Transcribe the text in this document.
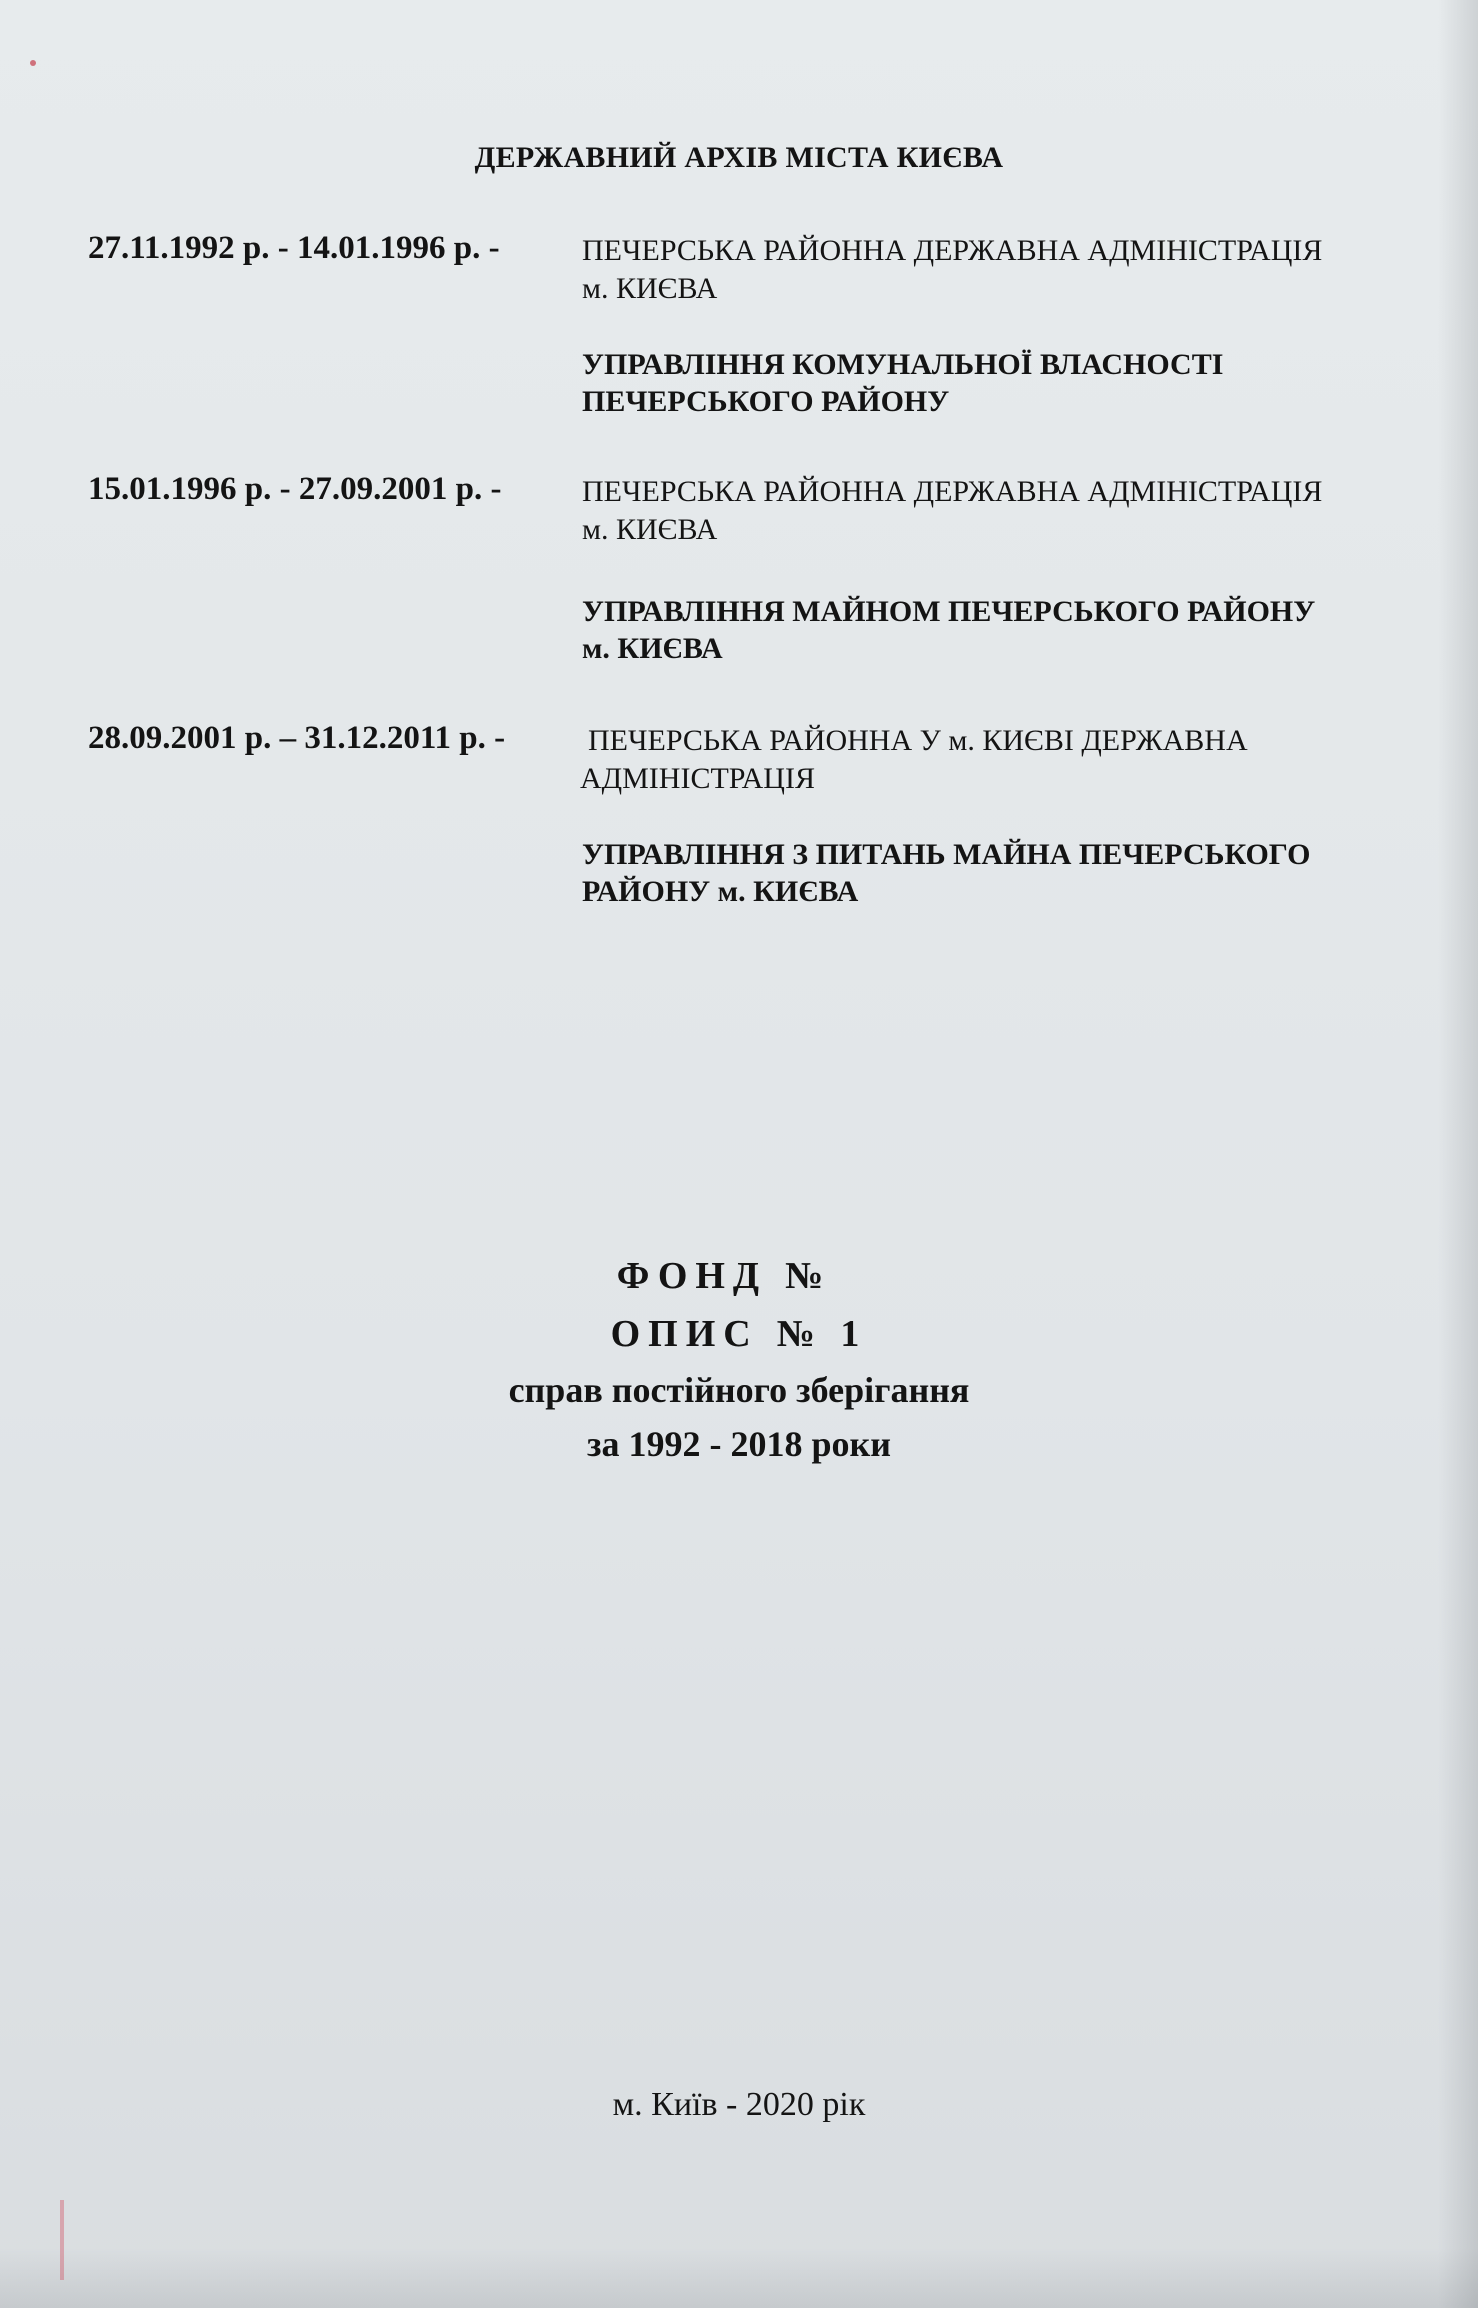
ДЕРЖАВНИЙ АРХІВ МІСТА КИЄВА
27.11.1992 р. - 14.01.1996 р. -	ПЕЧЕРСЬКА РАЙОННА ДЕРЖАВНА АДМІНІСТРАЦІЯ
м. КИЄВА
УПРАВЛІННЯ КОМУНАЛЬНОЇ ВЛАСНОСТІ
ПЕЧЕРСЬКОГО РАЙОНУ
15.01.1996 р. - 27.09.2001 р. -	ПЕЧЕРСЬКА РАЙОННА ДЕРЖАВНА АДМІНІСТРАЦІЯ
м. КИЄВА
УПРАВЛІННЯ МАЙНОМ ПЕЧЕРСЬКОГО РАЙОНУ
м. КИЄВА
28.09.2001 р. – 31.12.2011 р. -	ПЕЧЕРСЬКА РАЙОННА У м. КИЄВІ ДЕРЖАВНА
АДМІНІСТРАЦІЯ
УПРАВЛІННЯ З ПИТАНЬ МАЙНА ПЕЧЕРСЬКОГО
РАЙОНУ м. КИЄВА
ФОНД №
ОПИС № 1
справ постійного зберігання
за 1992 - 2018 роки
м. Київ - 2020 рік
